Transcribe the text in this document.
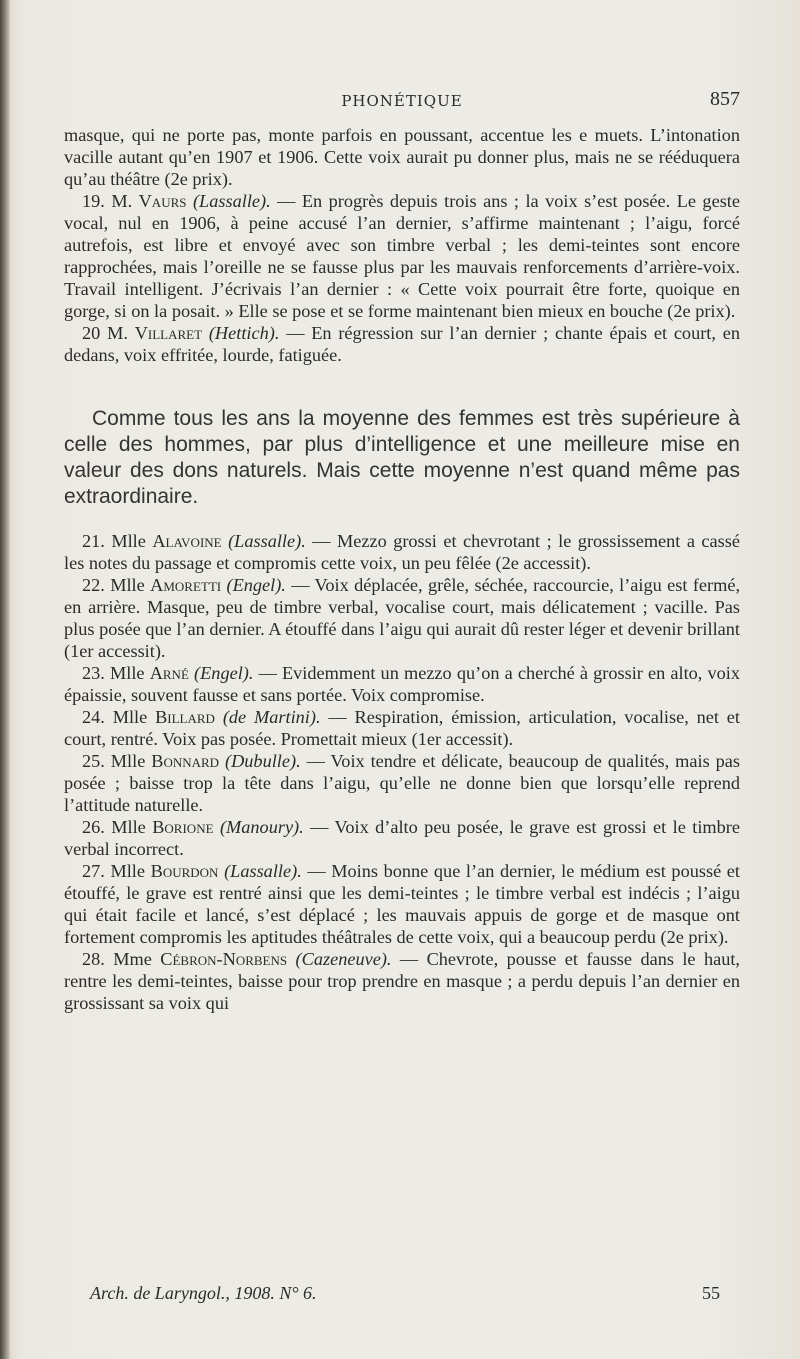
PHONÉTIQUE	857

masque, qui ne porte pas, monte parfois en poussant, accentue les e muets. L’intonation vacille autant qu’en 1907 et 1906. Cette voix aurait pu donner plus, mais ne se rééduquera qu’au théâtre (2e prix).

19. M. Vaurs (Lassalle). — En progrès depuis trois ans ; la voix s’est posée. Le geste vocal, nul en 1906, à peine accusé l’an dernier, s’affirme maintenant ; l’aigu, forcé autrefois, est libre et envoyé avec son timbre verbal ; les demi-teintes sont encore rapprochées, mais l’oreille ne se fausse plus par les mauvais renforcements d’arrière-voix. Travail intelligent. J’écrivais l’an dernier : « Cette voix pourrait être forte, quoique en gorge, si on la posait. » Elle se pose et se forme maintenant bien mieux en bouche (2e prix).

20 M. Villaret (Hettich). — En régression sur l’an dernier ; chante épais et court, en dedans, voix effritée, lourde, fatiguée.

Comme tous les ans la moyenne des femmes est très supérieure à celle des hommes, par plus d’intelligence et une meilleure mise en valeur des dons naturels. Mais cette moyenne n’est quand même pas extraordinaire.

21. Mlle Alavoine (Lassalle). — Mezzo grossi et chevrotant ; le grossissement a cassé les notes du passage et compromis cette voix, un peu fêlée (2e accessit).

22. Mlle Amoretti (Engel). — Voix déplacée, grêle, séchée, raccourcie, l’aigu est fermé, en arrière. Masque, peu de timbre verbal, vocalise court, mais délicatement ; vacille. Pas plus posée que l’an dernier. A étouffé dans l’aigu qui aurait dû rester léger et devenir brillant (1er accessit).

23. Mlle Arné (Engel). — Evidemment un mezzo qu’on a cherché à grossir en alto, voix épaissie, souvent fausse et sans portée. Voix compromise.

24. Mlle Billard (de Martini). — Respiration, émission, articulation, vocalise, net et court, rentré. Voix pas posée. Promettait mieux (1er accessit).

25. Mlle Bonnard (Dubulle). — Voix tendre et délicate, beaucoup de qualités, mais pas posée ; baisse trop la tête dans l’aigu, qu’elle ne donne bien que lorsqu’elle reprend l’attitude naturelle.

26. Mlle Borione (Manoury). — Voix d’alto peu posée, le grave est grossi et le timbre verbal incorrect.

27. Mlle Bourdon (Lassalle). — Moins bonne que l’an dernier, le médium est poussé et étouffé, le grave est rentré ainsi que les demi-teintes ; le timbre verbal est indécis ; l’aigu qui était facile et lancé, s’est déplacé ; les mauvais appuis de gorge et de masque ont fortement compromis les aptitudes théâtrales de cette voix, qui a beaucoup perdu (2e prix).

28. Mme Cébron-Norbens (Cazeneuve). — Chevrote, pousse et fausse dans le haut, rentre les demi-teintes, baisse pour trop prendre en masque ; a perdu depuis l’an dernier en grossissant sa voix qui

Arch. de Laryngol., 1908. N° 6.	55
